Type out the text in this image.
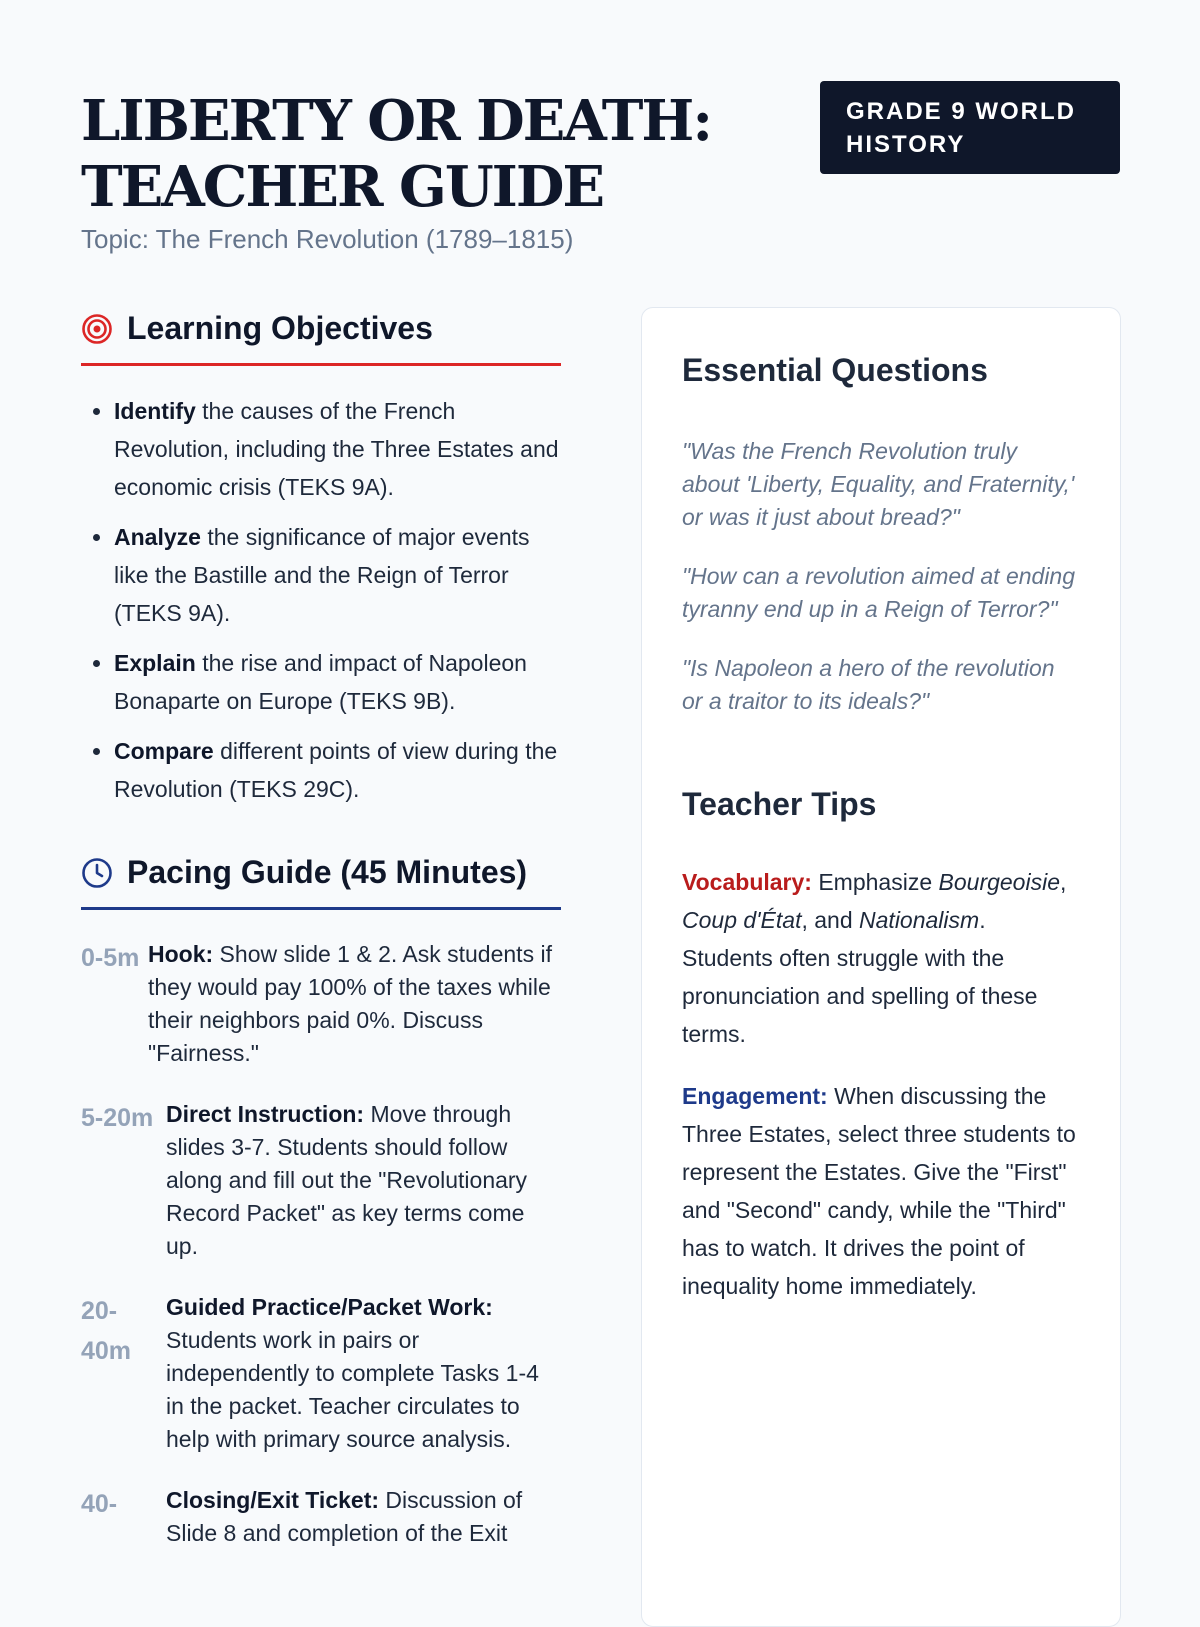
LIBERTY OR DEATH: TEACHER GUIDE
Topic: The French Revolution (1789–1815)
GRADE 9 WORLD HISTORY
Learning Objectives
• Identify the causes of the French Revolution, including the Three Estates and economic crisis (TEKS 9A).
• Analyze the significance of major events like the Bastille and the Reign of Terror (TEKS 9A).
• Explain the rise and impact of Napoleon Bonaparte on Europe (TEKS 9B).
• Compare different points of view during the Revolution (TEKS 29C).
Pacing Guide (45 Minutes)
0-5m Hook: Show slide 1 & 2. Ask students if they would pay 100% of the taxes while their neighbors paid 0%. Discuss "Fairness."
5-20m Direct Instruction: Move through slides 3-7. Students should follow along and fill out the "Revolutionary Record Packet" as key terms come up.
20-40m
Guided Practice/Packet Work: Students work in pairs or independently to complete Tasks 1-4 in the packet. Teacher circulates to help with primary source analysis.
40-	Closing/Exit Ticket: Discussion of Slide 8 and completion of the Exit
Essential Questions

"Was the French Revolution truly about 'Liberty, Equality, and Fraternity,' or was it just about bread?"

"How can a revolution aimed at ending tyranny end up in a Reign of Terror?"

"Is Napoleon a hero of the revolution or a traitor to its ideals?"

Teacher Tips

Vocabulary: Emphasize Bourgeoisie, Coup d'État, and Nationalism. Students often struggle with the pronunciation and spelling of these terms.

Engagement: When discussing the Three Estates, select three students to represent the Estates. Give the "First" and "Second" candy, while the "Third" has to watch. It drives the point of inequality home immediately.
